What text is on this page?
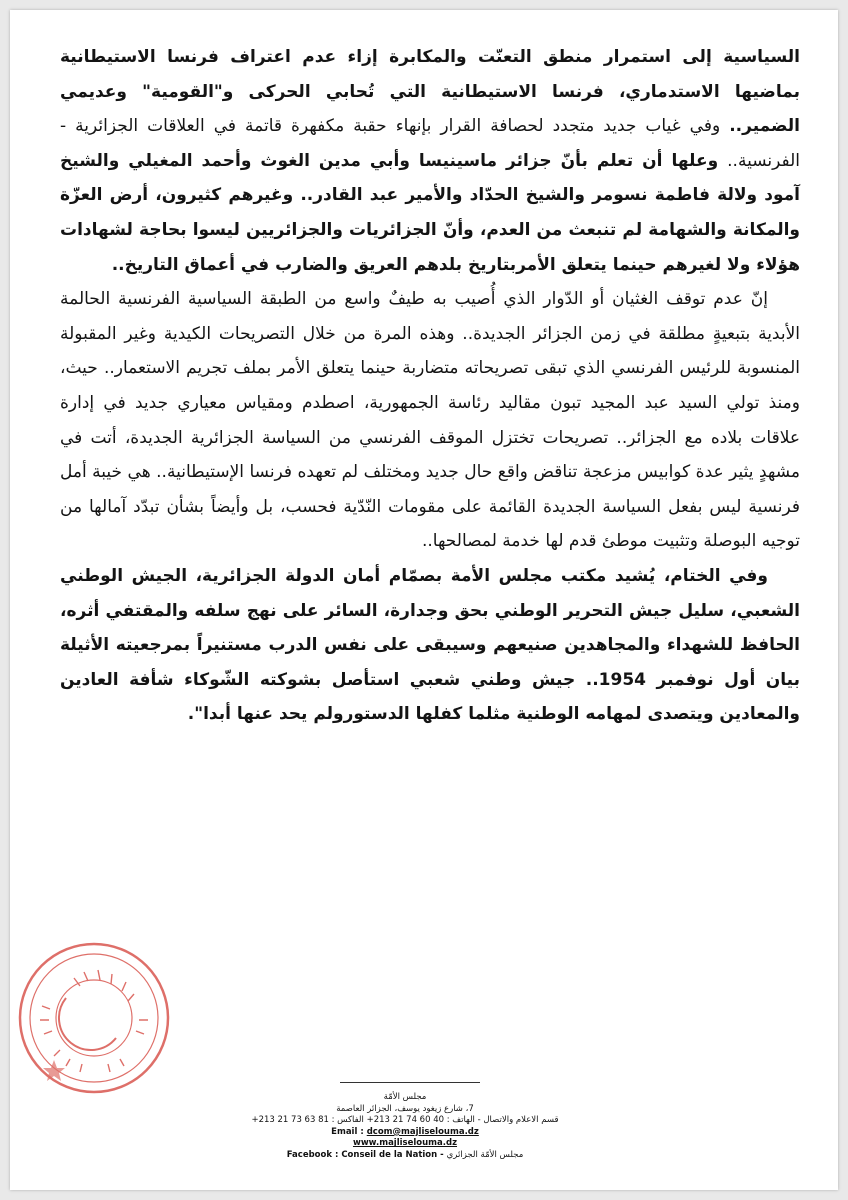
السياسية إلى استمرار منطق التعنّت والمكابرة إزاء عدم اعتراف فرنسا الاستيطانية بماضيها الاستدماري، فرنسا الاستيطانية التي تُحابي الحركى و"القومية" وعديمي الضمير.. وفي غياب جديد متجدد لحصافة القرار بإنهاء حقبة مكفهرة قاتمة في العلاقات الجزائرية - الفرنسية.. وعلها أن تعلم بأنّ جزائر ماسينيسا وأبي مدين الغوث وأحمد المغيلي والشيخ آمود ولالة فاطمة نسومر والشيخ الحدّاد والأمير عبد القادر.. وغيرهم كثيرون، أرض العزّة والمكانة والشهامة لم تنبعث من العدم، وأنّ الجزائريات والجزائريين ليسوا بحاجة لشهادات هؤلاء ولا لغيرهم حينما يتعلق الأمربتاريخ بلدهم العريق والضارب في أعماق التاريخ..

إنّ عدم توقف الغثيان أو الدّوار الذي أُصيب به طيفٌ واسع من الطبقة السياسية الفرنسية الحالمة الأبدية بتبعيةٍ مطلقة في زمن الجزائر الجديدة.. وهذه المرة من خلال التصريحات الكيدية وغير المقبولة المنسوبة للرئيس الفرنسي الذي تبقى تصريحاته متضاربة حينما يتعلق الأمر بملف تجريم الاستعمار.. حيث، ومنذ تولي السيد عبد المجيد تبون مقاليد رئاسة الجمهورية، اصطدم ومقياس معياري جديد في إدارة علاقات بلاده مع الجزائر.. تصريحات تختزل الموقف الفرنسي من السياسة الجزائرية الجديدة، أتت في مشهدٍ يثير عدة كوابيس مزعجة تناقض واقع حال جديد ومختلف لم تعهده فرنسا الإستيطانية.. هي خيبة أمل فرنسية ليس بفعل السياسة الجديدة القائمة على مقومات النّدّية فحسب، بل وأيضاً بشأن تبدّد آمالها من توجيه البوصلة وتثبيت موطئ قدم لها خدمة لمصالحها..

وفي الختام، يُشيد مكتب مجلس الأمة بصمّام أمان الدولة الجزائرية، الجيش الوطني الشعبي، سليل جيش التحرير الوطني بحق وجدارة، السائر على نهج سلفه والمقتفي أثره، الحافظ للشهداء والمجاهدين صنيعهم وسيبقى على نفس الدرب مستنيراً بمرجعيته الأثيلة بيان أول نوفمبر 1954.. جيش وطني شعبي استأصل بشوكته الشّوكاء شأفة العادين والمعادين ويتصدى لمهامه الوطنية مثلما كفلها الدستورولم يحد عنها أبدا".

مجلس الأمّة
7، شارع زيغود يوسف، الجزائر العاصمة
قسم الاعلام والاتصال - الهاتف : +213 21 74 60 40 الفاكس : +213 21 73 63 81
Email : dcom@majliselouma.dz
www.majliselouma.dz
Facebook : Conseil de la Nation - مجلس الأمّة الجزائري
